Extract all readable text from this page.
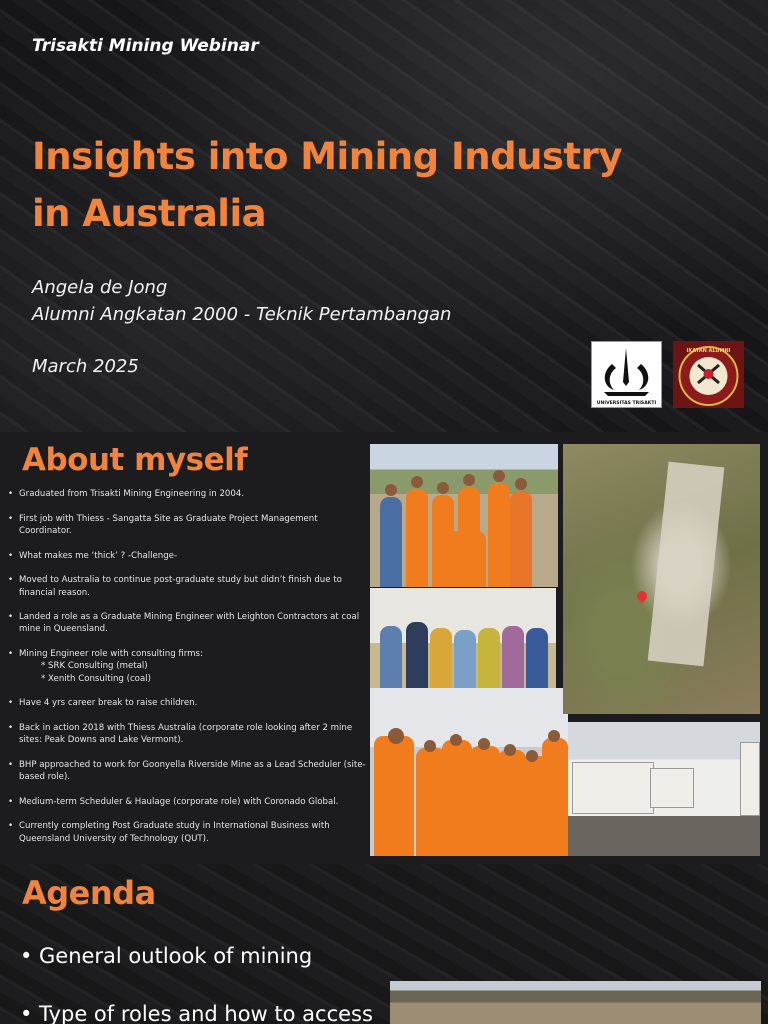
Trisakti Mining Webinar
Insights into Mining Industry in Australia
Angela de Jong
Alumni Angkatan 2000 - Teknik Pertambangan
March 2025
UNIVERSITAS TRISAKTI
IKATAN ALUMNI
About myself
• Graduated from Trisakti Mining Engineering in 2004.
• First job with Thiess - Sangatta Site as Graduate Project Management Coordinator.
• What makes me ‘thick’ ? -Challenge-
• Moved to Australia to continue post-graduate study but didn’t finish due to financial reason.
• Landed a role as a Graduate Mining Engineer with Leighton Contractors at coal mine in Queensland.
• Mining Engineer role with consulting firms:
* SRK Consulting (metal)
* Xenith Consulting (coal)
• Have 4 yrs career break to raise children.
• Back in action 2018 with Thiess Australia (corporate role looking after 2 mine sites: Peak Downs and Lake Vermont).
• BHP approached to work for Goonyella Riverside Mine as a Lead Scheduler (site-based role).
• Medium-term Scheduler & Haulage (corporate role) with Coronado Global.
• Currently completing Post Graduate study in International Business with Queensland University of Technology (QUT).
Agenda
• General outlook of mining
• Type of roles and how to access
